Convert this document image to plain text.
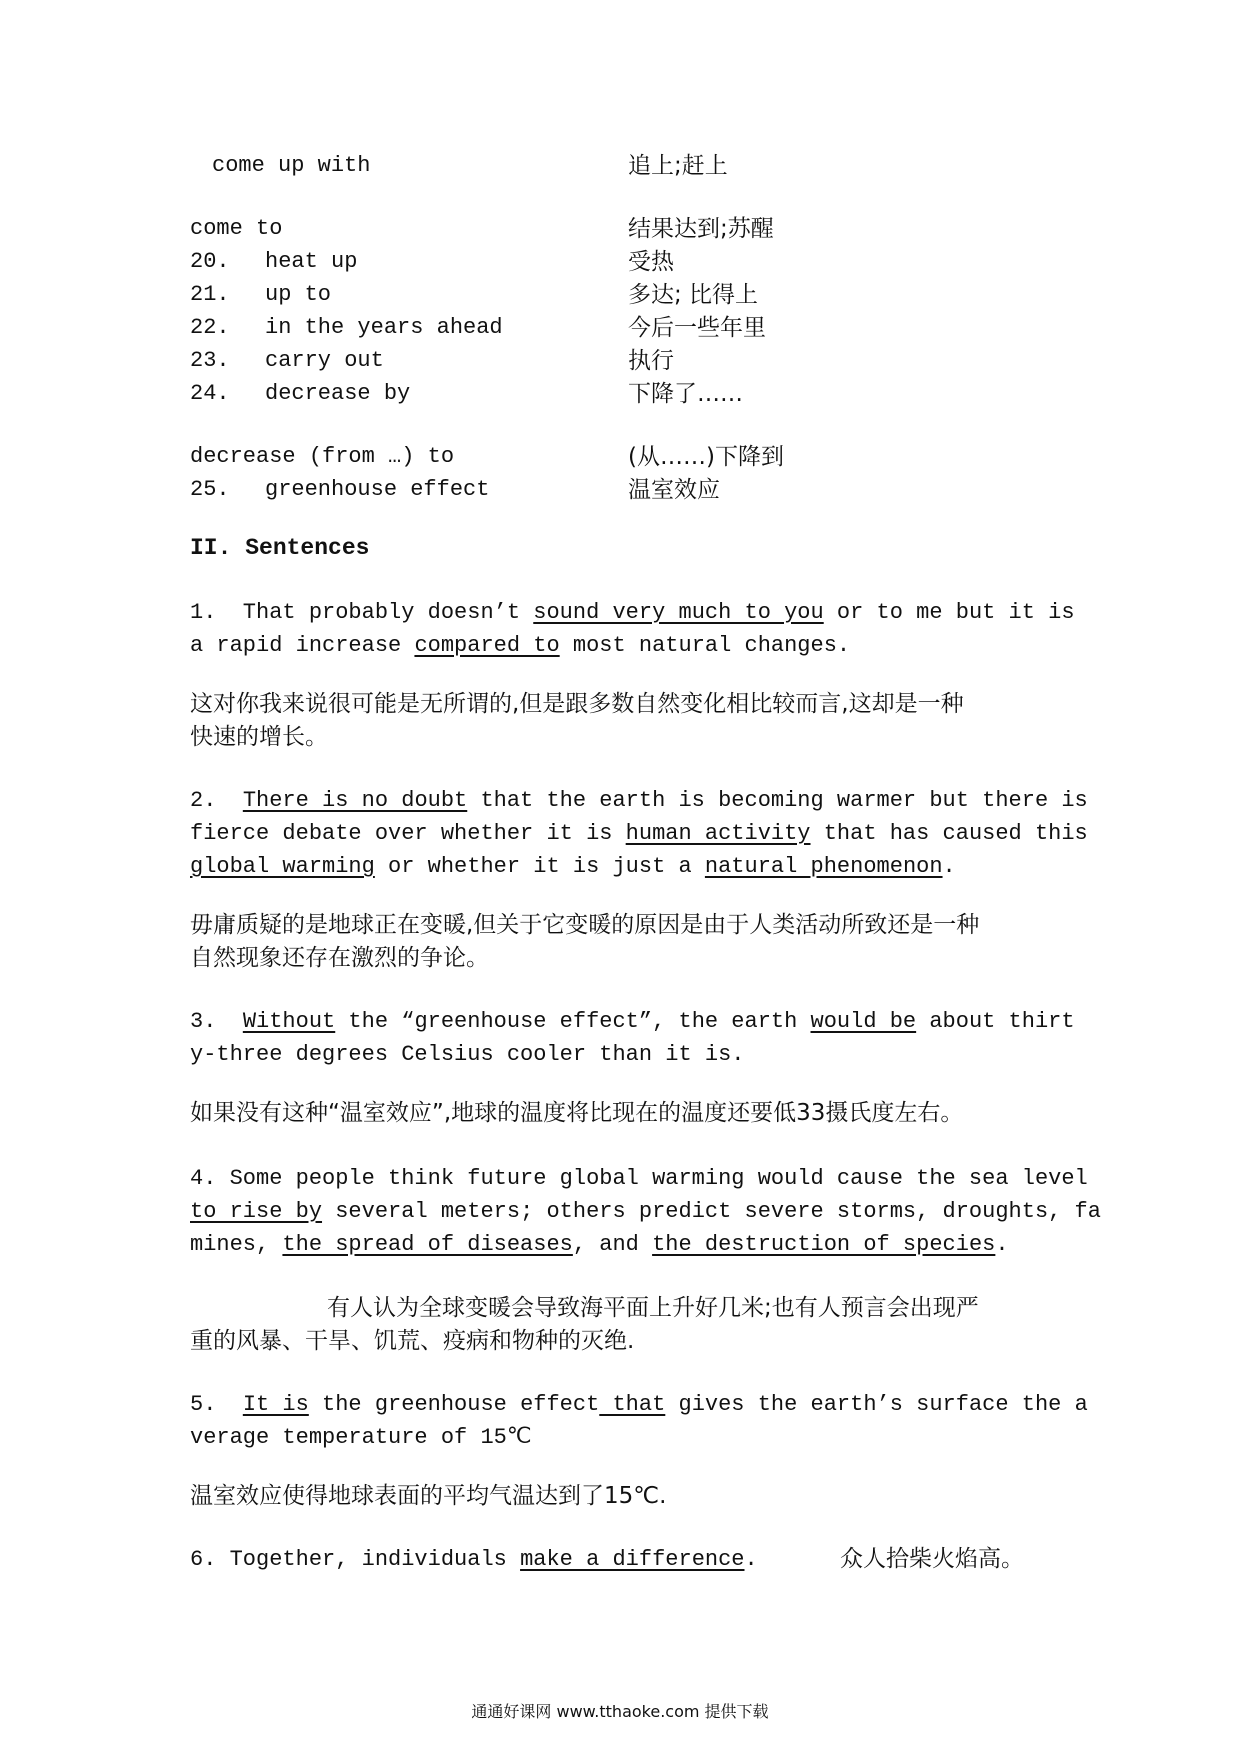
come up with	追上;赶上
come to	结果达到;苏醒
20. heat up	受热
21. up to	多达; 比得上
22. in the years ahead	今后一些年里
23. carry out	执行
24. decrease by	下降了……
decrease (from …) to	(从……)下降到
25. greenhouse effect	温室效应
II. Sentences
1.  That probably doesn’t sound very much to you or to me but it is
a rapid increase compared to most natural changes.
这对你我来说很可能是无所谓的,但是跟多数自然变化相比较而言,这却是一种
快速的增长。
2.  There is no doubt that the earth is becoming warmer but there is
fierce debate over whether it is human activity that has caused this
global warming or whether it is just a natural phenomenon.
毋庸质疑的是地球正在变暖,但关于它变暖的原因是由于人类活动所致还是一种
自然现象还存在激烈的争论。
3.  Without the “greenhouse effect”, the earth would be about thirt
y-three degrees Celsius cooler than it is.
如果没有这种“温室效应”,地球的温度将比现在的温度还要低33摄氏度左右。
4. Some people think future global warming would cause the sea level
to rise by several meters; others predict severe storms, droughts, fa
mines, the spread of diseases, and the destruction of species.
有人认为全球变暖会导致海平面上升好几米;也有人预言会出现严
重的风暴、干旱、饥荒、疫病和物种的灭绝.
5.  It is the greenhouse effect that gives the earth’s surface the a
verage temperature of 15℃
温室效应使得地球表面的平均气温达到了15℃.
6. Together, individuals make a difference.	众人拾柴火焰高。
通通好课网 www.tthaoke.com 提供下载
